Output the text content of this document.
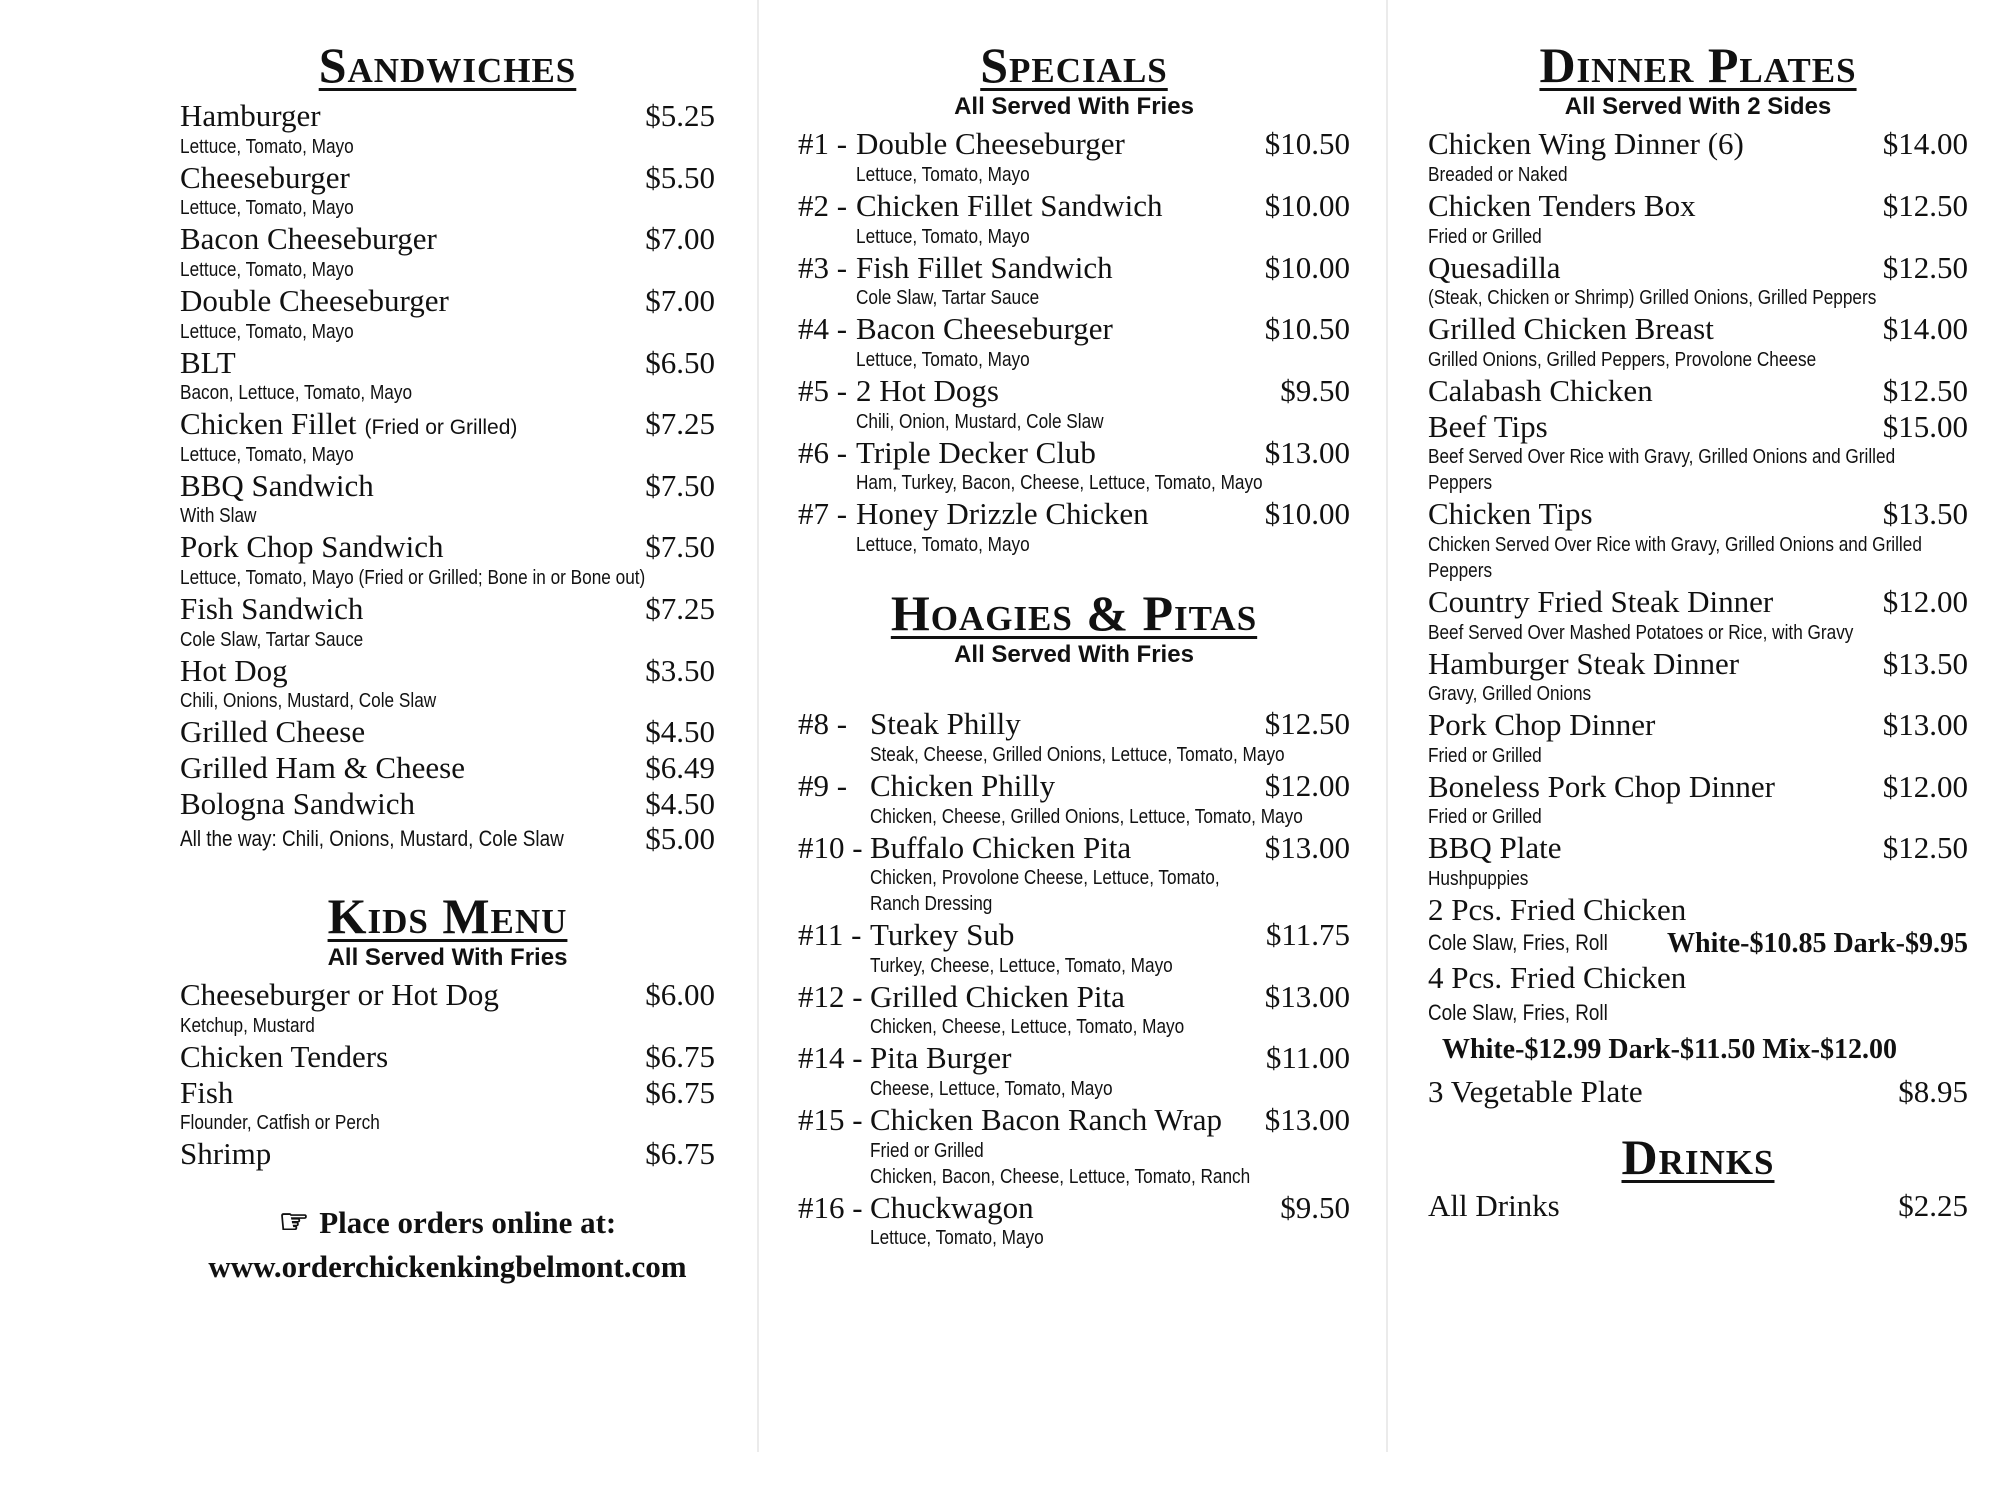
Sandwiches
Hamburger	$5.25
Lettuce, Tomato, Mayo
Cheeseburger	$5.50
Lettuce, Tomato, Mayo
Bacon Cheeseburger	$7.00
Lettuce, Tomato, Mayo
Double Cheeseburger	$7.00
Lettuce, Tomato, Mayo
BLT	$6.50
Bacon, Lettuce, Tomato, Mayo
Chicken Fillet (Fried or Grilled)	$7.25
Lettuce, Tomato, Mayo
BBQ Sandwich	$7.50
With Slaw
Pork Chop Sandwich	$7.50
Lettuce, Tomato, Mayo (Fried or Grilled; Bone in or Bone out)
Fish Sandwich	$7.25
Cole Slaw, Tartar Sauce
Hot Dog	$3.50
Chili, Onions, Mustard, Cole Slaw
Grilled Cheese	$4.50
Grilled Ham & Cheese	$6.49
Bologna Sandwich	$4.50
All the way: Chili, Onions, Mustard, Cole Slaw	$5.00
Kids Menu
All Served With Fries
Cheeseburger or Hot Dog	$6.00
Ketchup, Mustard
Chicken Tenders	$6.75
Fish	$6.75
Flounder, Catfish or Perch
Shrimp	$6.75
☞ Place orders online at:
www.orderchickenkingbelmont.com
Specials
All Served With Fries
#1 - Double Cheeseburger	$10.50
Lettuce, Tomato, Mayo
#2 - Chicken Fillet Sandwich	$10.00
Lettuce, Tomato, Mayo
#3 - Fish Fillet Sandwich	$10.00
Cole Slaw, Tartar Sauce
#4 - Bacon Cheeseburger	$10.50
Lettuce, Tomato, Mayo
#5 - 2 Hot Dogs	$9.50
Chili, Onion, Mustard, Cole Slaw
#6 - Triple Decker Club	$13.00
Ham, Turkey, Bacon, Cheese, Lettuce, Tomato, Mayo
#7 - Honey Drizzle Chicken	$10.00
Lettuce, Tomato, Mayo
Hoagies & Pitas
All Served With Fries
#8 - Steak Philly	$12.50
Steak, Cheese, Grilled Onions, Lettuce, Tomato, Mayo
#9 - Chicken Philly	$12.00
Chicken, Cheese, Grilled Onions, Lettuce, Tomato, Mayo
#10 - Buffalo Chicken Pita	$13.00
Chicken, Provolone Cheese, Lettuce, Tomato,
Ranch Dressing
#11 - Turkey Sub	$11.75
Turkey, Cheese, Lettuce, Tomato, Mayo
#12 - Grilled Chicken Pita	$13.00
Chicken, Cheese, Lettuce, Tomato, Mayo
#14 - Pita Burger	$11.00
Cheese, Lettuce, Tomato, Mayo
#15 - Chicken Bacon Ranch Wrap $13.00
Fried or Grilled
Chicken, Bacon, Cheese, Lettuce, Tomato, Ranch
#16 - Chuckwagon	$9.50
Lettuce, Tomato, Mayo
Dinner Plates
All Served With 2 Sides
Chicken Wing Dinner (6)	$14.00
Breaded or Naked
Chicken Tenders Box	$12.50
Fried or Grilled
Quesadilla	$12.50
(Steak, Chicken or Shrimp) Grilled Onions, Grilled Peppers
Grilled Chicken Breast	$14.00
Grilled Onions, Grilled Peppers, Provolone Cheese
Calabash Chicken	$12.50
Beef Tips	$15.00
Beef Served Over Rice with Gravy, Grilled Onions and Grilled
Peppers
Chicken Tips	$13.50
Chicken Served Over Rice with Gravy, Grilled Onions and Grilled
Peppers
Country Fried Steak Dinner	$12.00
Beef Served Over Mashed Potatoes or Rice, with Gravy
Hamburger Steak Dinner	$13.50
Gravy, Grilled Onions
Pork Chop Dinner	$13.00
Fried or Grilled
Boneless Pork Chop Dinner	$12.00
Fried or Grilled
BBQ Plate	$12.50
Hushpuppies
2 Pcs. Fried Chicken
Cole Slaw, Fries, Roll White-$10.85 Dark-$9.95
4 Pcs. Fried Chicken
Cole Slaw, Fries, Roll
White-$12.99 Dark-$11.50 Mix-$12.00
3 Vegetable Plate	$8.95
Drinks
All Drinks	$2.25
